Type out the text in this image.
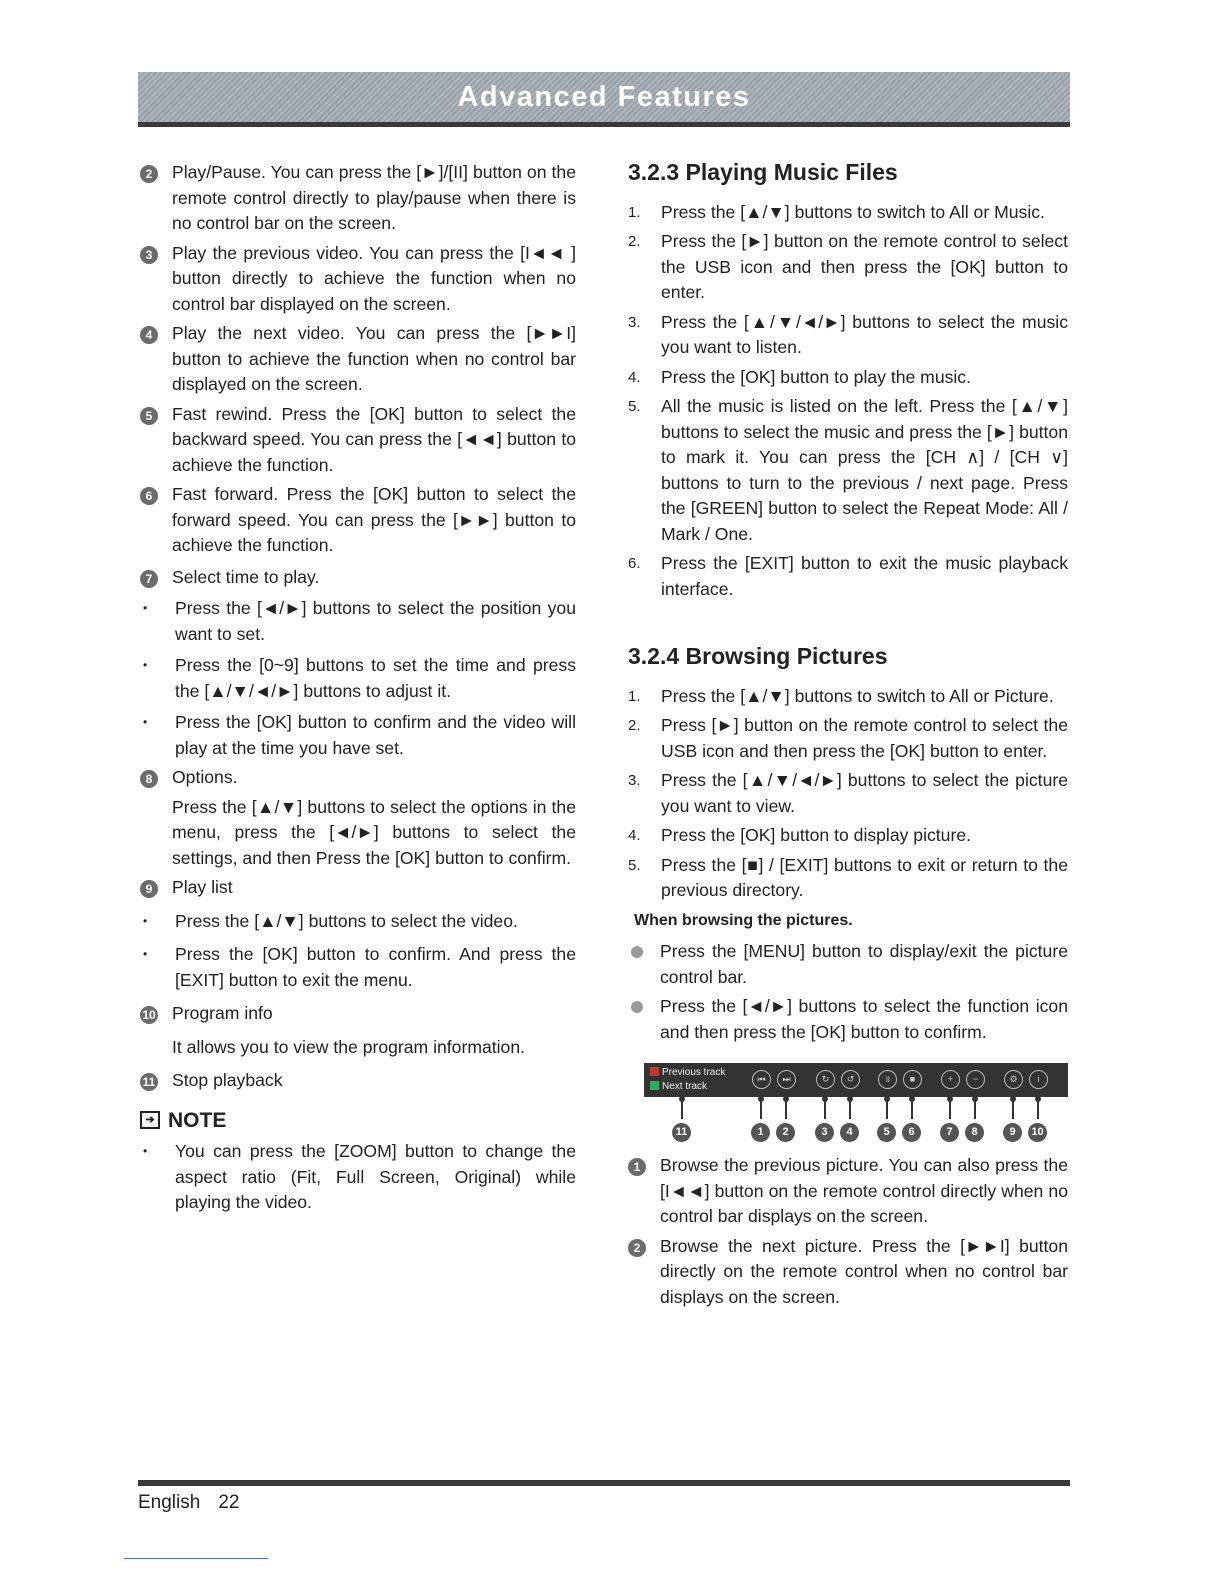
Advanced Features
2	Play/Pause. You can press the [►]/[II] button on the remote control directly to play/pause when there is no control bar on the screen.

3	Play the previous video. You can press the [I◄◄ ] button directly to achieve the function when no control bar displayed on the screen.

4	Play the next video. You can press the [►►I] button to achieve the function when no control bar displayed on the screen.

5	Fast rewind. Press the [OK] button to select the backward speed. You can press the [◄◄] button to achieve the function.

6	Fast forward. Press the [OK] button to select the forward speed. You can press the [►►] button to achieve the function.

7	Select time to play.

•	Press the [◄/►] buttons to select the position you want to set.

•	Press the [0~9] buttons to set the time and press the [▲/▼/◄/►] buttons to adjust it.

•	Press the [OK] button to confirm and the video will play at the time you have set.

8	Options.

Press the [▲/▼] buttons to select the options in the menu, press the [◄/►] buttons to select the settings, and then Press the [OK] button to confirm.

9	Play list

•	Press the [▲/▼] buttons to select the video.

•	Press the [OK] button to confirm. And press the [EXIT] button to exit the menu.

10 Program info

It allows you to view the program information.

11 Stop playback

➔ NOTE
•	You can press the [ZOOM] button to change the aspect ratio (Fit, Full Screen, Original) while playing the video.

3.2.3 Playing Music Files
1.	Press the [▲/▼] buttons to switch to All or Music.

2.	Press the [►] button on the remote control to select the USB icon and then press the [OK] button to enter.

3.	Press the [▲/▼/◄/►] buttons to select the music you want to listen.

4.	Press the [OK] button to play the music.

5.	All the music is listed on the left. Press the [▲/▼] buttons to select the music and press the [►] button to mark it. You can press the [CH ∧] / [CH ∨] buttons to turn to the previous / next page. Press the [GREEN] button to select the Repeat Mode: All / Mark / One.

6.	Press the [EXIT] button to exit the music playback interface.

3.2.4 Browsing Pictures
1.	Press the [▲/▼] buttons to switch to All or Picture.

2.	Press [►] button on the remote control to select the USB icon and then press the [OK] button to enter.

3.	Press the [▲/▼/◄/►] buttons to select the picture you want to view.

4.	Press the [OK] button to display picture.

5.	Press the [■] / [EXIT] buttons to exit or return to the previous directory.

When browsing the pictures.

Press the [MENU] button to display/exit the picture control bar.

Press the [◄/►] buttons to select the function icon and then press the [OK] button to confirm.

Previous track
Next track
⏮	⏭	↻	↺	॥	■	+	−	⚙	i
11	1	2	3	4	5	6	7	8	9	10
1	Browse the previous picture. You can also press the [I◄◄] button on the remote control directly when no control bar displays on the screen.

2	Browse the next picture. Press the [►►I] button directly on the remote control when no control bar displays on the screen.

English 22
